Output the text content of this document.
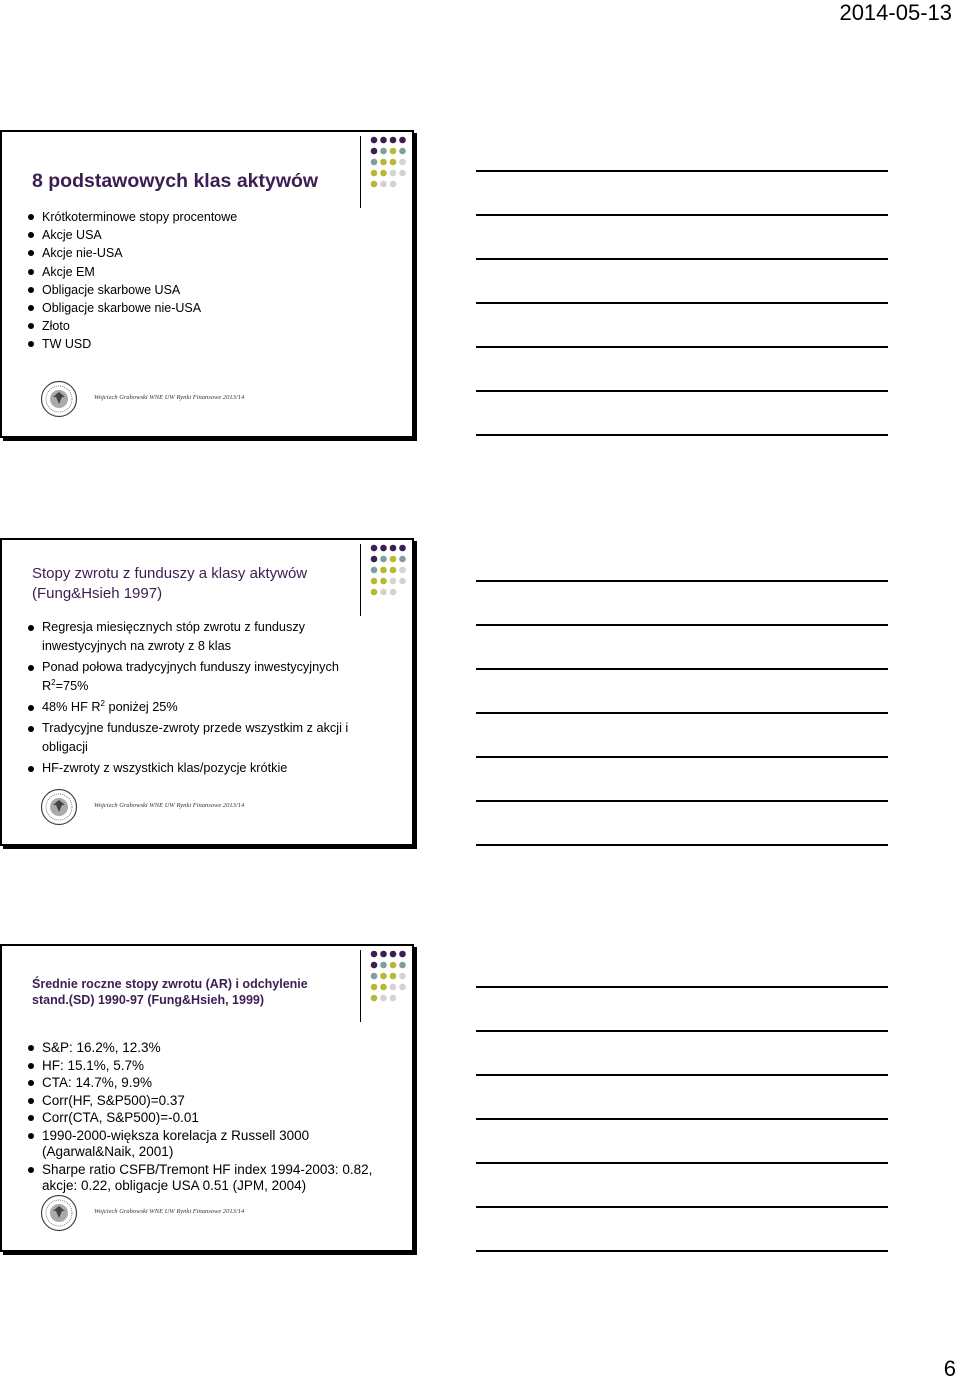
2014-05-13
8 podstawowych klas aktywów
Krótkoterminowe stopy procentowe
Akcje USA
Akcje nie-USA
Akcje EM
Obligacje skarbowe USA
Obligacje skarbowe nie-USA
Złoto
TW USD
Wojciech Grabowski WNE UW Rynki Finansowe 2013/14
Stopy zwrotu z funduszy a klasy aktywów
(Fung&Hsieh 1997)
Regresja miesięcznych stóp zwrotu z funduszy inwestycyjnych na zwroty z 8 klas
Ponad połowa tradycyjnych funduszy inwestycyjnych $R^2=75\%$
48% HF $R^2$ poniżej 25%
Tradycyjne fundusze-zwroty przede wszystkim z akcji i obligacji
HF-zwroty z wszystkich klas/pozycje krótkie
Wojciech Grabowski WNE UW Rynki Finansowe 2013/14
Średnie roczne stopy zwrotu (AR) i odchylenie
stand.(SD) 1990-97 (Fung&Hsieh, 1999)
S&P: 16.2%, 12.3%
HF: 15.1%, 5.7%
CTA: 14.7%, 9.9%
Corr(HF, S&P500)=0.37
Corr(CTA, S&P500)=-0.01
1990-2000-większa korelacja z Russell 3000 (Agarwal&Naik, 2001)
Sharpe ratio CSFB/Tremont HF index 1994-2003: 0.82, akcje: 0.22, obligacje USA 0.51 (JPM, 2004)
Wojciech Grabowski WNE UW Rynki Finansowe 2013/14
6
